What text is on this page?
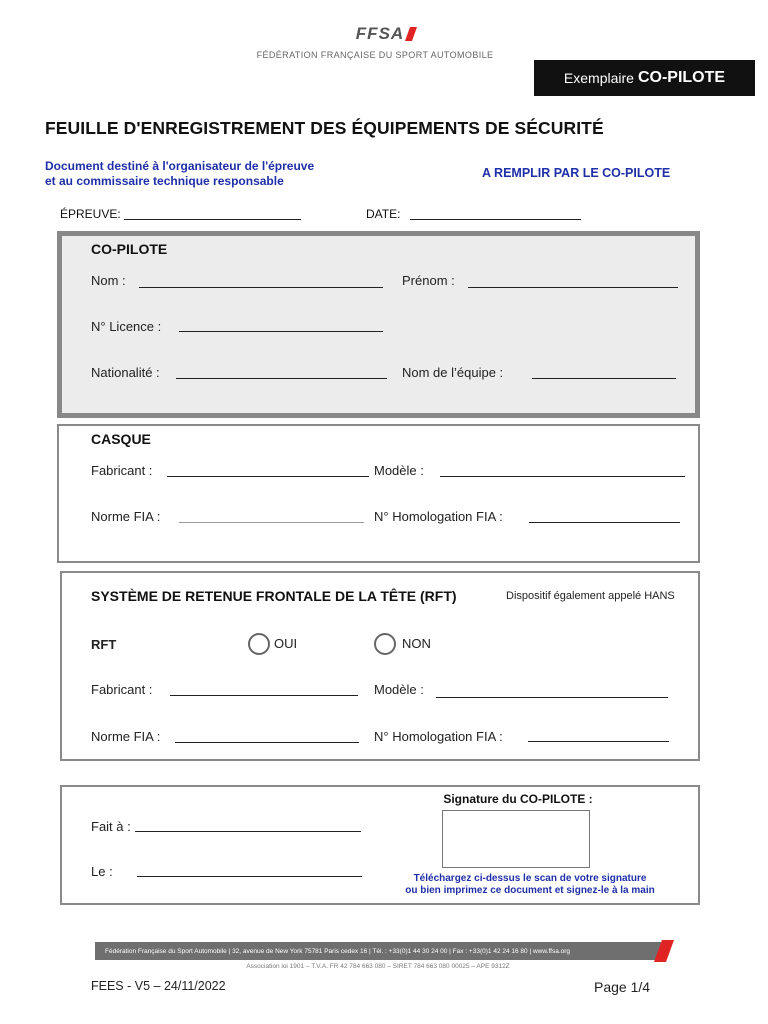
FFSA
FÉDÉRATION FRANÇAISE DU SPORT AUTOMOBILE
Exemplaire CO-PILOTE
FEUILLE D'ENREGISTREMENT DES ÉQUIPEMENTS DE SÉCURITÉ
Document destiné à l'organisateur de l'épreuve
et au commissaire technique responsable
A REMPLIR PAR LE CO-PILOTE
ÉPREUVE:	DATE:
CO-PILOTE
Nom :	Prénom :
N° Licence :
Nationalité :	Nom de l’équipe :
CASQUE
Fabricant :	Modèle :
Norme FIA :	N° Homologation FIA :
SYSTÈME DE RETENUE FRONTALE DE LA TÊTE (RFT)	Dispositif également appelé HANS
RFT	OUI	NON
Fabricant :	Modèle :
Norme FIA :	N° Homologation FIA :
Fait à :
Le :
Signature du CO-PILOTE :
Téléchargez ci-dessus le scan de votre signature
ou bien imprimez ce document et signez-le à la main
Fédération Française du Sport Automobile | 32, avenue de New York 75781 Paris cedex 16 | Tél. : +33(0)1 44 30 24 00 | Fax : +33(0)1 42 24 16 80 | www.ffsa.org
Association loi 1901 – T.V.A. FR 42 784 663 080 – SIRET 784 663 080 00025 – APE 9312Z
FEES - V5 – 24/11/2022	Page 1/4
